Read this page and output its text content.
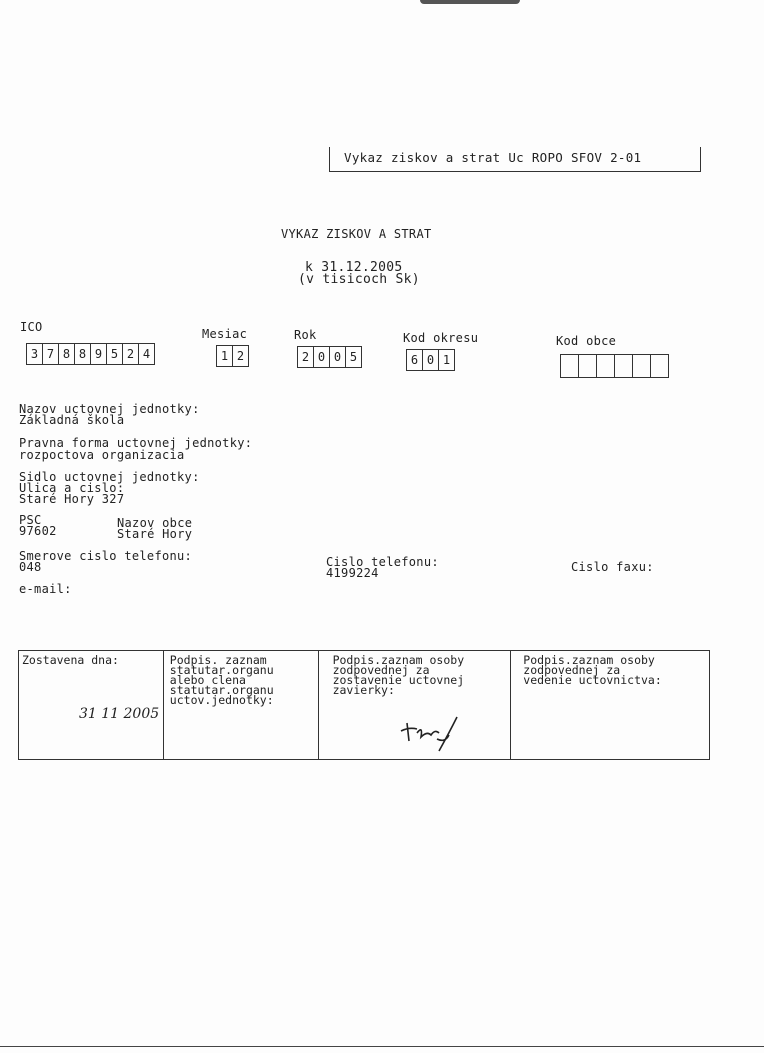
Vykaz ziskov a strat Uc ROPO SFOV 2-01
VYKAZ ZISKOV A STRAT
k 31.12.2005
(v tisicoch Sk)
ICO
3 7 8 8 9 5 2 4
Mesiac
1 2
Rok
2 0 0 5
Kod okresu
6 0 1
Kod obce
Nazov uctovnej jednotky:
Základná škola
Pravna forma uctovnej jednotky:
rozpoctova organizacia
Sidlo uctovnej jednotky:
Ulica a cislo:
Staré Hory 327
PSC
97602
Nazov obce
Staré Hory
Smerove cislo telefonu:
048	Cislo telefonu:
4199224	Cislo faxu:
e-mail:
Zostavena dna:
31 11 2005
Podpis. zaznam
statutar.organu
alebo clena
statutar.organu
uctov.jednotky:
Podpis.zaznam osoby
zodpovednej za
zostavenie uctovnej
zavierky:
Podpis.zaznam osoby
zodpovednej za
vedenie uctovnictva:
